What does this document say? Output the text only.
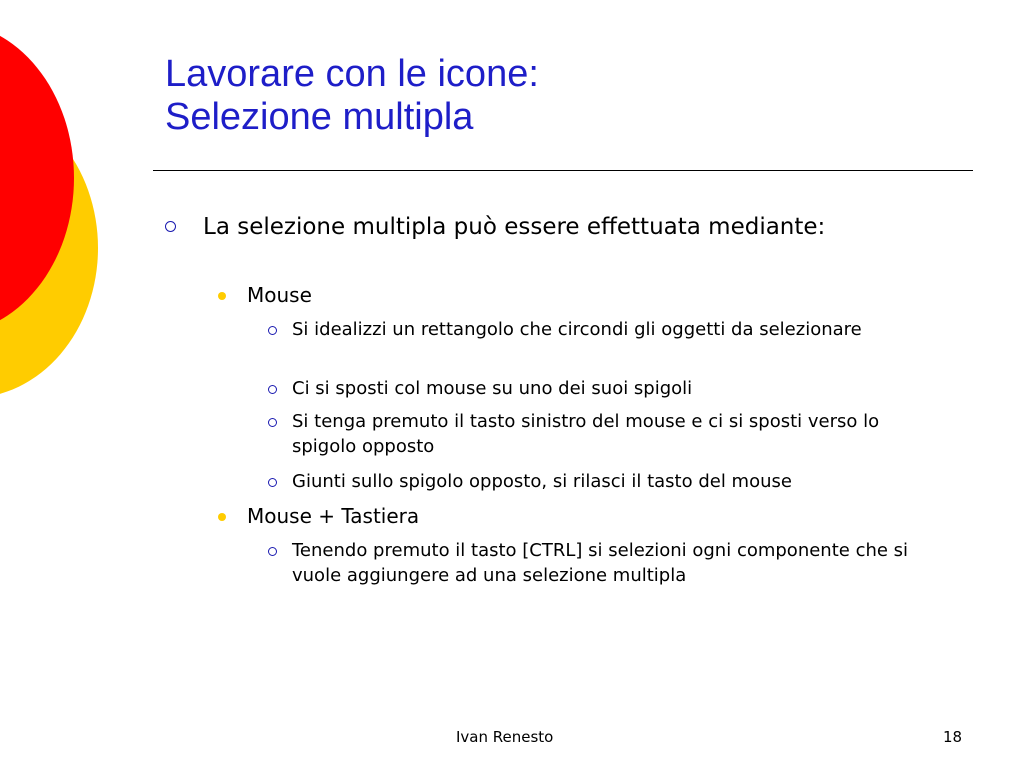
Lavorare con le icone:
Selezione multipla
La selezione multipla può essere effettuata mediante:
Mouse
Si idealizzi un rettangolo che circondi gli oggetti da selezionare
Ci si sposti col mouse su uno dei suoi spigoli
Si tenga premuto il tasto sinistro del mouse e ci si sposti verso lo spigolo opposto
Giunti sullo spigolo opposto, si rilasci il tasto del mouse
Mouse + Tastiera
Tenendo premuto il tasto [CTRL] si selezioni ogni componente che si vuole aggiungere ad una selezione multipla
Ivan Renesto	18
